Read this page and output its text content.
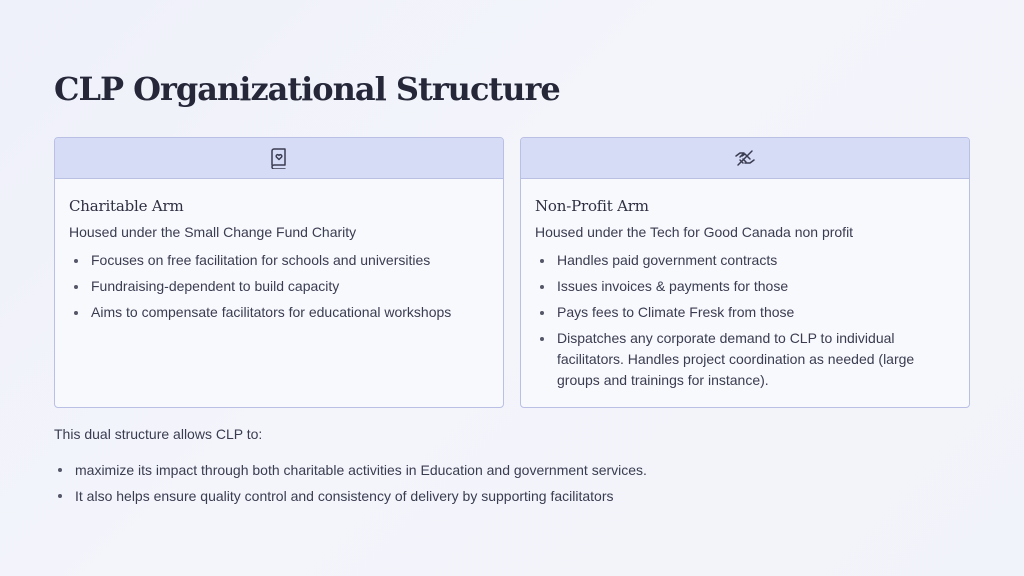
CLP Organizational Structure
Charitable Arm
Housed under the Small Change Fund Charity
Focuses on free facilitation for schools and universities
Fundraising-dependent to build capacity
Aims to compensate facilitators for educational workshops
Non-Profit Arm
Housed under the Tech for Good Canada non profit
Handles paid government contracts
Issues invoices & payments for those
Pays fees to Climate Fresk from those
Dispatches any corporate demand to CLP to individual facilitators. Handles project coordination as needed (large groups and trainings for instance).

This dual structure allows CLP to:

maximize its impact through both charitable activities in Education and government services.
It also helps ensure quality control and consistency of delivery by supporting facilitators
